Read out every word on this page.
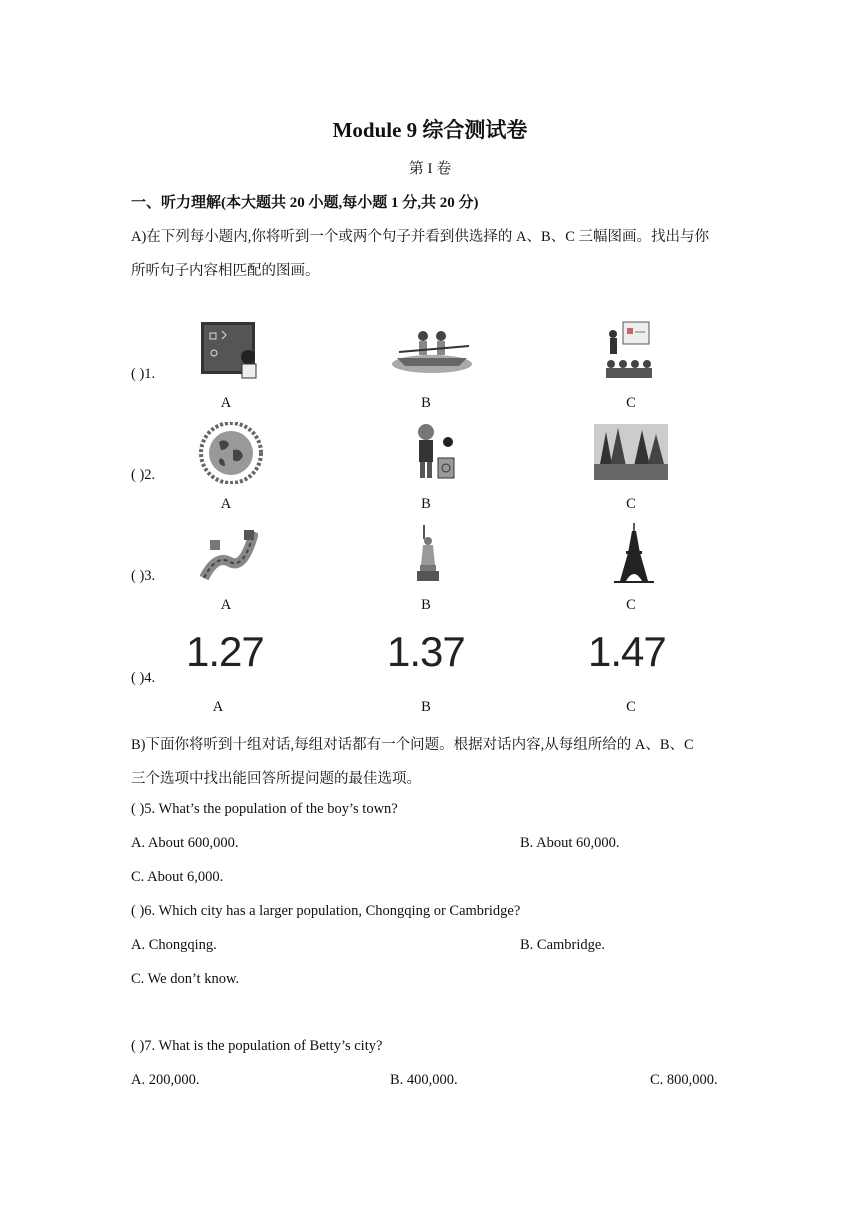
Module 9 综合测试卷
第 I 卷
一、听力理解(本大题共 20 小题,每小题 1 分,共 20 分)
A)在下列每小题内,你将听到一个或两个句子并看到供选择的 A、B、C 三幅图画。找出与你
所听句子内容相匹配的图画。
( )1.
A	B	C
( )2.
A	B	C
( )3.
A	B	C
( )4.
1.27	1.37	1.47
A	B	C
B)下面你将听到十组对话,每组对话都有一个问题。根据对话内容,从每组所给的 A、B、C
三个选项中找出能回答所提问题的最佳选项。
( )5. What’s the population of the boy’s town?
A. About 600,000.	B. About 60,000.
C. About 6,000.
( )6. Which city has a larger population, Chongqing or Cambridge?
A. Chongqing.	B. Cambridge.
C. We don’t know.
( )7. What is the population of Betty’s city?
A. 200,000.	B. 400,000.	C. 800,000.
